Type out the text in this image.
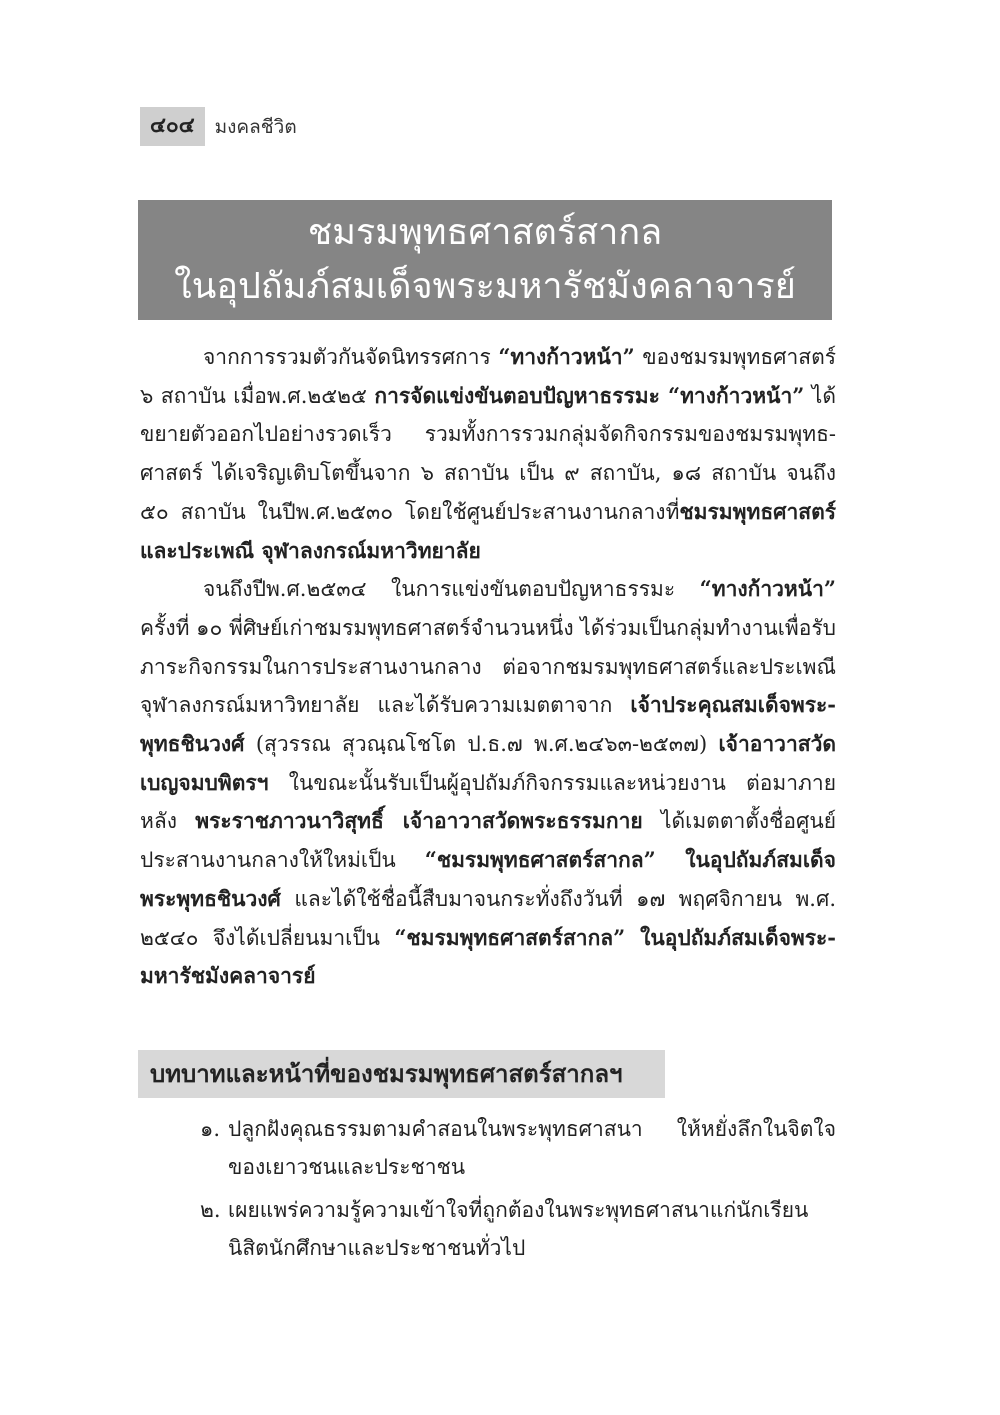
๔๐๔	มงคลชีวิต
ชมรมพุทธศาสตร์สากล
ในอุปถัมภ์สมเด็จพระมหารัชมังคลาจารย์

จากการรวมตัวกันจัดนิทรรศการ “ทางก้าวหน้า” ของชมรมพุทธศาสตร์ ๖ สถาบัน เมื่อพ.ศ.๒๕๒๕ การจัดแข่งขันตอบปัญหาธรรมะ “ทางก้าวหน้า” ได้ขยายตัวออกไปอย่างรวดเร็ว รวมทั้งการรวมกลุ่มจัดกิจกรรมของชมรมพุทธ-ศาสตร์ ได้เจริญเติบโตขึ้นจาก ๖ สถาบัน เป็น ๙ สถาบัน, ๑๘ สถาบัน จนถึง ๕๐ สถาบัน ในปีพ.ศ.๒๕๓๐ โดยใช้ศูนย์ประสานงานกลางที่ชมรมพุทธศาสตร์และประเพณี จุฬาลงกรณ์มหาวิทยาลัย

จนถึงปีพ.ศ.๒๕๓๔ ในการแข่งขันตอบปัญหาธรรมะ “ทางก้าวหน้า” ครั้งที่ ๑๐ พี่ศิษย์เก่าชมรมพุทธศาสตร์จำนวนหนึ่ง ได้ร่วมเป็นกลุ่มทำงานเพื่อรับภาระกิจกรรมในการประสานงานกลาง ต่อจากชมรมพุทธศาสตร์และประเพณีจุฬาลงกรณ์มหาวิทยาลัย และได้รับความเมตตาจาก เจ้าประคุณสมเด็จพระ-พุทธชินวงศ์ (สุวรรณ สุวณฺณโชโต ป.ธ.๗ พ.ศ.๒๔๖๓-๒๕๓๗) เจ้าอาวาสวัดเบญจมบพิตรฯ ในขณะนั้นรับเป็นผู้อุปถัมภ์กิจกรรมและหน่วยงาน ต่อมาภายหลัง พระราชภาวนาวิสุทธิ์ เจ้าอาวาสวัดพระธรรมกาย ได้เมตตาตั้งชื่อศูนย์ประสานงานกลางให้ใหม่เป็น “ชมรมพุทธศาสตร์สากล” ในอุปถัมภ์สมเด็จพระพุทธชินวงศ์ และได้ใช้ชื่อนี้สืบมาจนกระทั่งถึงวันที่ ๑๗ พฤศจิกายน พ.ศ. ๒๕๔๐ จึงได้เปลี่ยนมาเป็น “ชมรมพุทธศาสตร์สากล” ในอุปถัมภ์สมเด็จพระ-มหารัชมังคลาจารย์

บทบาทและหน้าที่ของชมรมพุทธศาสตร์สากลฯ
๑. ปลูกฝังคุณธรรมตามคำสอนในพระพุทธศาสนา ให้หยั่งลึกในจิตใจของเยาวชนและประชาชน
๒. เผยแพร่ความรู้ความเข้าใจที่ถูกต้องในพระพุทธศาสนาแก่นักเรียนนิสิตนักศึกษาและประชาชนทั่วไป
